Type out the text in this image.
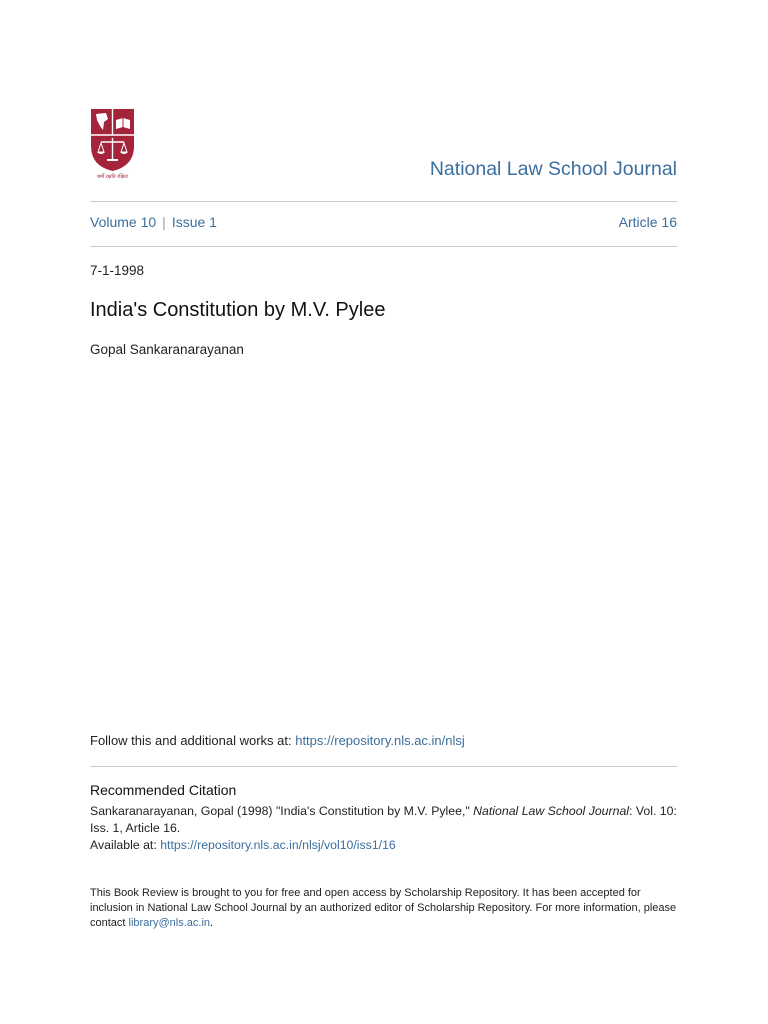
धर्मो रक्षति रक्षितः	National Law School Journal
Volume 10 | Issue 1	Article 16
7-1-1998
India's Constitution by M.V. Pylee
Gopal Sankaranarayanan
Follow this and additional works at: https://repository.nls.ac.in/nlsj
Recommended Citation
Sankaranarayanan, Gopal (1998) "India's Constitution by M.V. Pylee," National Law School Journal: Vol. 10: Iss. 1, Article 16.
Available at: https://repository.nls.ac.in/nlsj/vol10/iss1/16
This Book Review is brought to you for free and open access by Scholarship Repository. It has been accepted for inclusion in National Law School Journal by an authorized editor of Scholarship Repository. For more information, please contact library@nls.ac.in.
